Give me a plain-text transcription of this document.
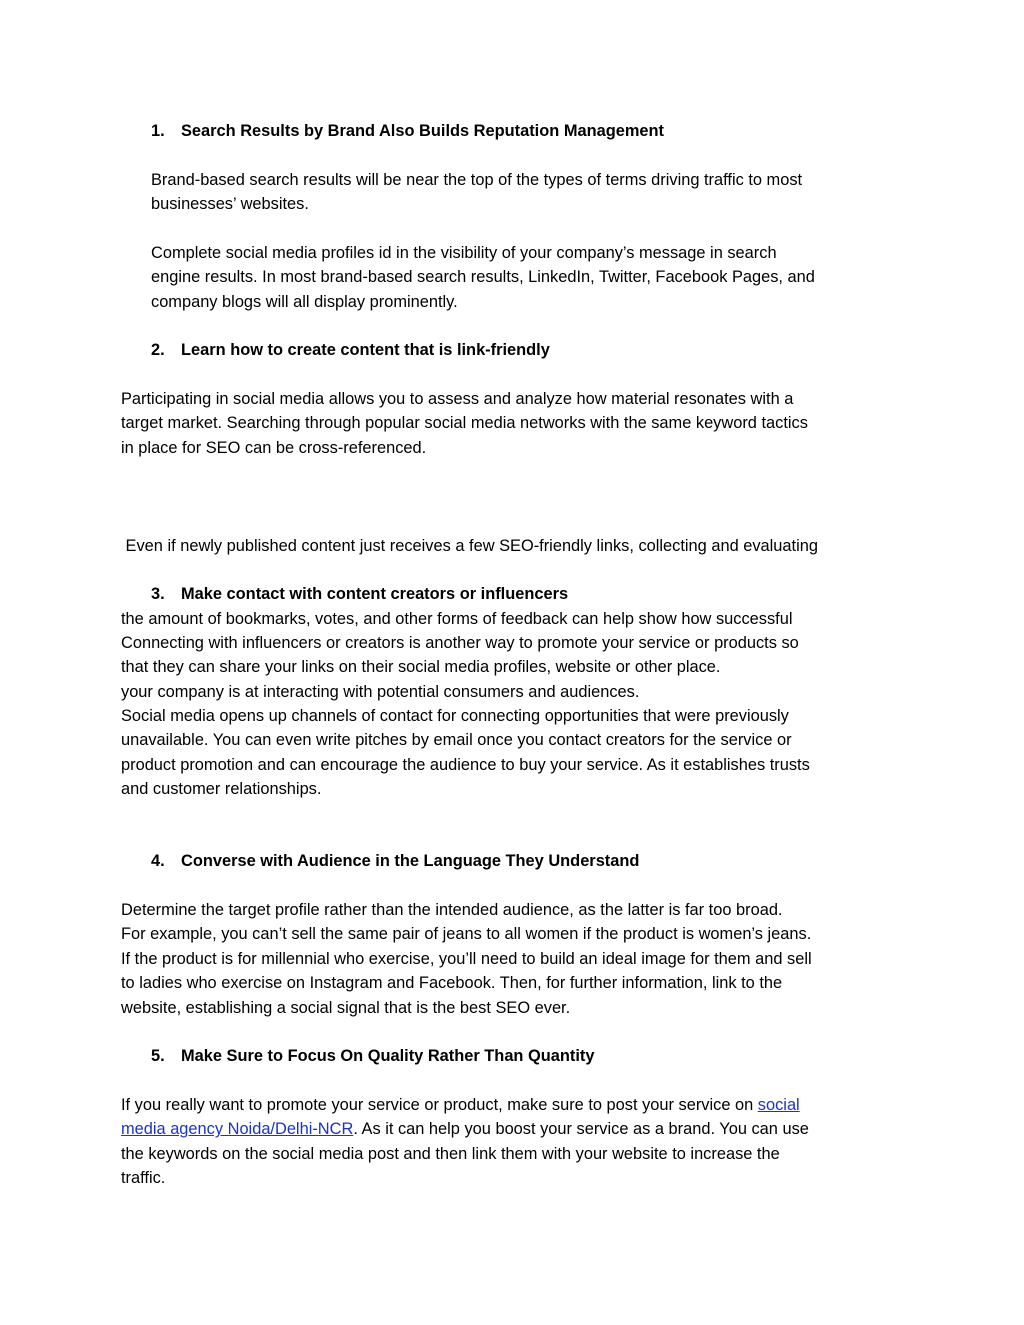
1. Search Results by Brand Also Builds Reputation Management
Brand-based search results will be near the top of the types of terms driving traffic to most
businesses’ websites.
Complete social media profiles id in the visibility of your company’s message in search
engine results. In most brand-based search results, LinkedIn, Twitter, Facebook Pages, and
company blogs will all display prominently.
2. Learn how to create content that is link-friendly
Participating in social media allows you to assess and analyze how material resonates with a
target market. Searching through popular social media networks with the same keyword tactics
in place for SEO can be cross-referenced.

Even if newly published content just receives a few SEO-friendly links, collecting and evaluating

the amount of bookmarks, votes, and other forms of feedback can help show how successful

your company is at interacting with potential consumers and audiences.

3. Make contact with content creators or influencers
Connecting with influencers or creators is another way to promote your service or products so
that they can share your links on their social media profiles, website or other place.
Social media opens up channels of contact for connecting opportunities that were previously
unavailable. You can even write pitches by email once you contact creators for the service or
product promotion and can encourage the audience to buy your service. As it establishes trusts
and customer relationships.
4. Converse with Audience in the Language They Understand
Determine the target profile rather than the intended audience, as the latter is far too broad.
For example, you can’t sell the same pair of jeans to all women if the product is women’s jeans.
If the product is for millennial who exercise, you’ll need to build an ideal image for them and sell
to ladies who exercise on Instagram and Facebook. Then, for further information, link to the
website, establishing a social signal that is the best SEO ever.
5. Make Sure to Focus On Quality Rather Than Quantity
If you really want to promote your service or product, make sure to post your service on social
media agency Noida/Delhi-NCR. As it can help you boost your service as a brand. You can use
the keywords on the social media post and then link them with your website to increase the
traffic.
